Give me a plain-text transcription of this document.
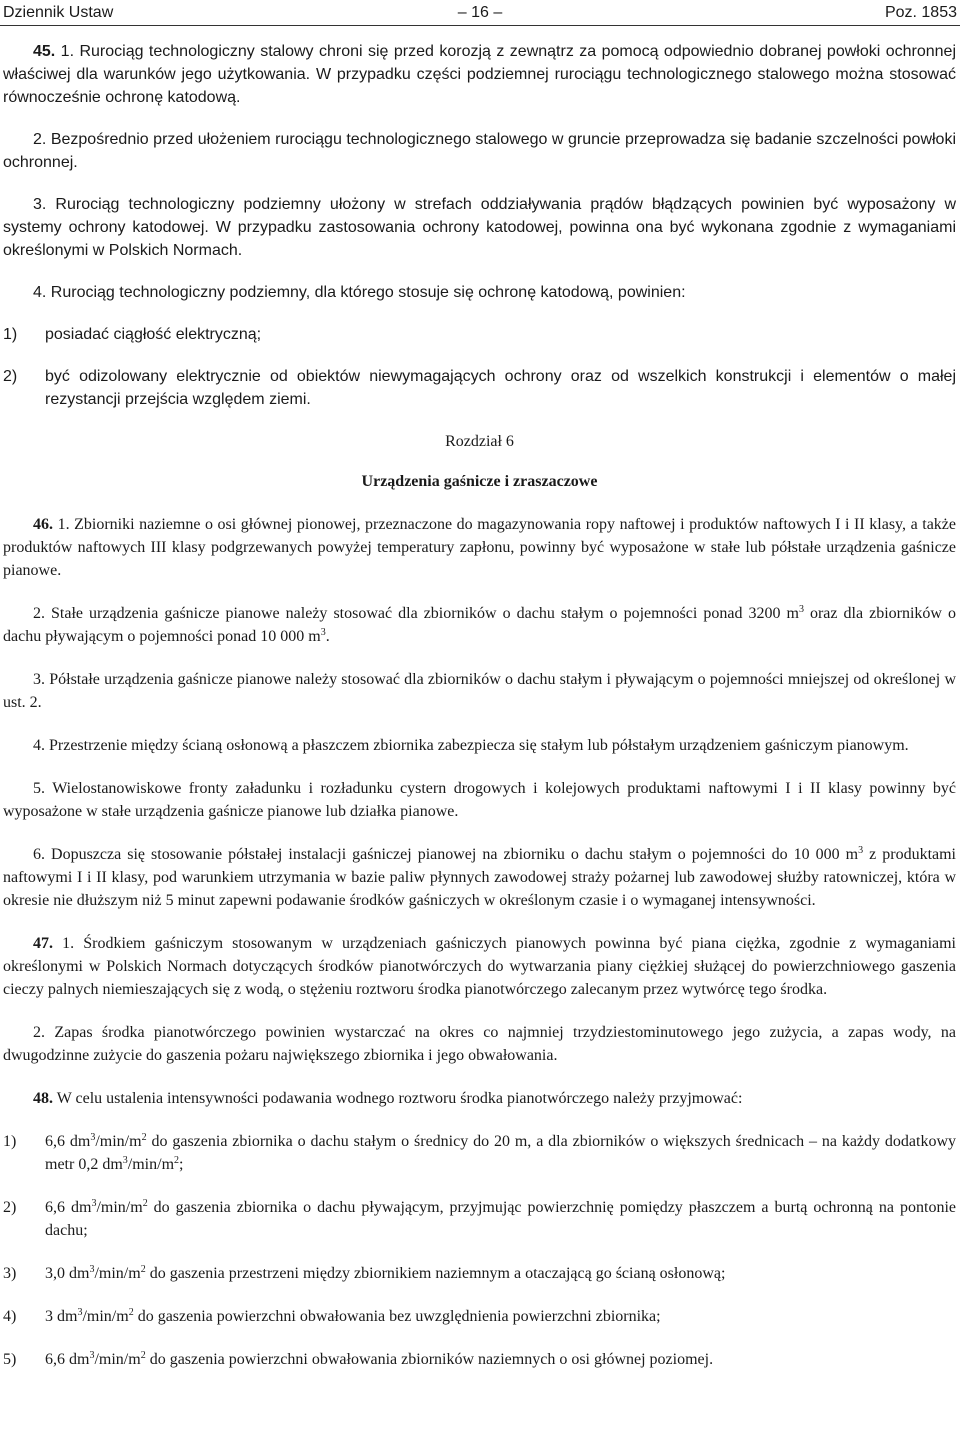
Dziennik Ustaw	– 16 –	Poz. 1853

45. 1. Rurociąg technologiczny stalowy chroni się przed korozją z zewnątrz za pomocą odpowiednio dobranej powłoki ochronnej właściwej dla warunków jego użytkowania. W przypadku części podziemnej rurociągu technologicznego stalowego można stosować równocześnie ochronę katodową.

2. Bezpośrednio przed ułożeniem rurociągu technologicznego stalowego w gruncie przeprowadza się badanie szczelności powłoki ochronnej.

3. Rurociąg technologiczny podziemny ułożony w strefach oddziaływania prądów błądzących powinien być wyposażony w systemy ochrony katodowej. W przypadku zastosowania ochrony katodowej, powinna ona być wykonana zgodnie z wymaganiami określonymi w Polskich Normach.

4. Rurociąg technologiczny podziemny, dla którego stosuje się ochronę katodową, powinien:

1) posiadać ciągłość elektryczną;
2) być odizolowany elektrycznie od obiektów niewymagających ochrony oraz od wszelkich konstrukcji i elementów o małej rezystancji przejścia względem ziemi.
Rozdział 6
Urządzenia gaśnicze i zraszaczowe

46. 1. Zbiorniki naziemne o osi głównej pionowej, przeznaczone do magazynowania ropy naftowej i produktów naftowych I i II klasy, a także produktów naftowych III klasy podgrzewanych powyżej temperatury zapłonu, powinny być wyposażone w stałe lub półstałe urządzenia gaśnicze pianowe.

2. Stałe urządzenia gaśnicze pianowe należy stosować dla zbiorników o dachu stałym o pojemności ponad 3200 $m^3$ oraz dla zbiorników o dachu pływającym o pojemności ponad 10 000 $m^3$.

3. Półstałe urządzenia gaśnicze pianowe należy stosować dla zbiorników o dachu stałym i pływającym o pojemności mniejszej od określonej w ust. 2.

4. Przestrzenie między ścianą osłonową a płaszczem zbiornika zabezpiecza się stałym lub półstałym urządzeniem gaśniczym pianowym.

5. Wielostanowiskowe fronty załadunku i rozładunku cystern drogowych i kolejowych produktami naftowymi I i II klasy powinny być wyposażone w stałe urządzenia gaśnicze pianowe lub działka pianowe.

6. Dopuszcza się stosowanie półstałej instalacji gaśniczej pianowej na zbiorniku o dachu stałym o pojemności do 10 000 $m^3$ z produktami naftowymi I i II klasy, pod warunkiem utrzymania w bazie paliw płynnych zawodowej straży pożarnej lub zawodowej służby ratowniczej, która w okresie nie dłuższym niż 5 minut zapewni podawanie środków gaśniczych w określonym czasie i o wymaganej intensywności.

47. 1. Środkiem gaśniczym stosowanym w urządzeniach gaśniczych pianowych powinna być piana ciężka, zgodnie z wymaganiami określonymi w Polskich Normach dotyczących środków pianotwórczych do wytwarzania piany ciężkiej służącej do powierzchniowego gaszenia cieczy palnych niemieszających się z wodą, o stężeniu roztworu środka pianotwórczego zalecanym przez wytwórcę tego środka.

2. Zapas środka pianotwórczego powinien wystarczać na okres co najmniej trzydziestominutowego jego zużycia, a zapas wody, na dwugodzinne zużycie do gaszenia pożaru największego zbiornika i jego obwałowania.

48. W celu ustalenia intensywności podawania wodnego roztworu środka pianotwórczego należy przyjmować:

1) 6,6 $dm^3/\min/m^2$ do gaszenia zbiornika o dachu stałym o średnicy do 20 m, a dla zbiorników o większych średnicach – na każdy dodatkowy metr 0,2 $dm^3/\min/m^2$;
2) 6,6 $dm^3/\min/m^2$ do gaszenia zbiornika o dachu pływającym, przyjmując powierzchnię pomiędzy płaszczem a burtą ochronną na pontonie dachu;
3) 3,0 $dm^3/\min/m^2$ do gaszenia przestrzeni między zbiornikiem naziemnym a otaczającą go ścianą osłonową;
4) 3 $dm^3/\min/m^2$ do gaszenia powierzchni obwałowania bez uwzględnienia powierzchni zbiornika;
5) 6,6 $dm^3/\min/m^2$ do gaszenia powierzchni obwałowania zbiorników naziemnych o osi głównej poziomej.
